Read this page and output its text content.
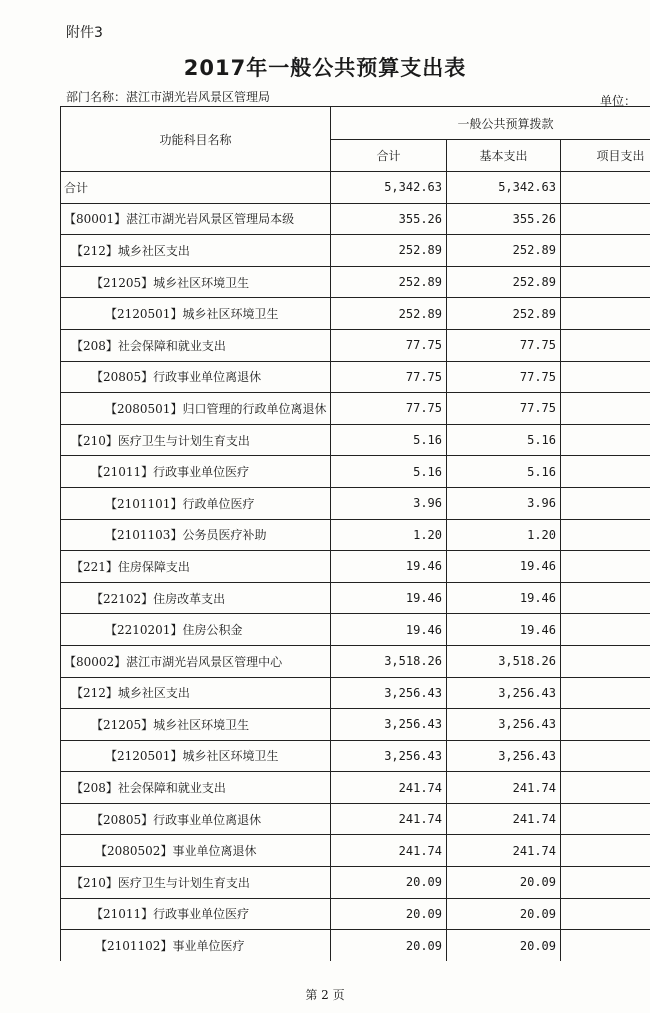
附件3
2017年一般公共预算支出表
部门名称：湛江市湖光岩风景区管理局	单位：
功能科目名称	一般公共预算拨款		
	合计	基本支出	项目支出
合计	5,342.63	5,342.63	
【80001】湛江市湖光岩风景区管理局本级	355.26	355.26	
【212】城乡社区支出	252.89	252.89	
【21205】城乡社区环境卫生	252.89	252.89	
【2120501】城乡社区环境卫生	252.89	252.89	
【208】社会保障和就业支出	77.75	77.75	
【20805】行政事业单位离退休	77.75	77.75	
【2080501】归口管理的行政单位离退休	77.75	77.75	
【210】医疗卫生与计划生育支出	5.16	5.16	
【21011】行政事业单位医疗	5.16	5.16	
【2101101】行政单位医疗	3.96	3.96	
【2101103】公务员医疗补助	1.20	1.20	
【221】住房保障支出	19.46	19.46	
【22102】住房改革支出	19.46	19.46	
【2210201】住房公积金	19.46	19.46	
【80002】湛江市湖光岩风景区管理中心	3,518.26	3,518.26	
【212】城乡社区支出	3,256.43	3,256.43	
【21205】城乡社区环境卫生	3,256.43	3,256.43	
【2120501】城乡社区环境卫生	3,256.43	3,256.43	
【208】社会保障和就业支出	241.74	241.74	
【20805】行政事业单位离退休	241.74	241.74	
【2080502】事业单位离退休	241.74	241.74	
【210】医疗卫生与计划生育支出	20.09	20.09	
【21011】行政事业单位医疗	20.09	20.09	
【2101102】事业单位医疗	20.09	20.09	
第 2 页
